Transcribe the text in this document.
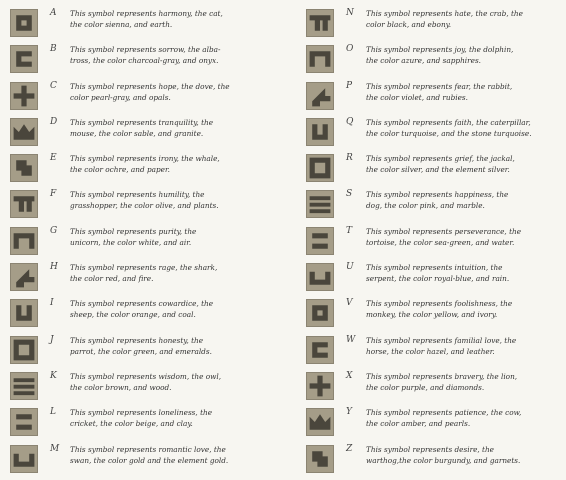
A This symbol represents harmony, the cat,
the color sienna, and earth.
B This symbol represents sorrow, the alba-
tross, the color charcoal-gray, and onyx.
C This symbol represents hope, the dove, the
color pearl-gray, and opals.
D This symbol represents tranquility, the
mouse, the color sable, and granite.
E This symbol represents irony, the whale,
the color ochre, and paper.
F This symbol represents humility, the
grasshopper, the color olive, and plants.
G This symbol represents purity, the
unicorn, the color white, and air.
H This symbol represents rage, the shark,
the color red, and fire.
I This symbol represents cowardice, the
sheep, the color orange, and coal.
J This symbol represents honesty, the
parrot, the color green, and emeralds.
K This symbol represents wisdom, the owl,
the color brown, and wood.
L This symbol represents loneliness, the
cricket, the color beige, and clay.
M This symbol represents romantic love, the
swan, the color gold and the element gold.
N This symbol represents hate, the crab, the
color black, and ebony.
O This symbol represents joy, the dolphin,
the color azure, and sapphires.
P This symbol represents fear, the rabbit,
the color violet, and rubies.
Q This symbol represents faith, the caterpillar,
the color turquoise, and the stone turquoise.
R This symbol represents grief, the jackal,
the color silver, and the element silver.
S This symbol represents happiness, the
dog, the color pink, and marble.
T This symbol represents perseverance, the
tortoise, the color sea-green, and water.
U This symbol represents intuition, the
serpent, the color royal-blue, and rain.
V This symbol represents foolishness, the
monkey, the color yellow, and ivory.
W This symbol represents familial love, the
horse, the color hazel, and leather.
X This symbol represents bravery, the lion,
the color purple, and diamonds.
Y This symbol represents patience, the cow,
the color amber, and pearls.
Z This symbol represents desire, the
warthog,the color burgundy, and garnets.
